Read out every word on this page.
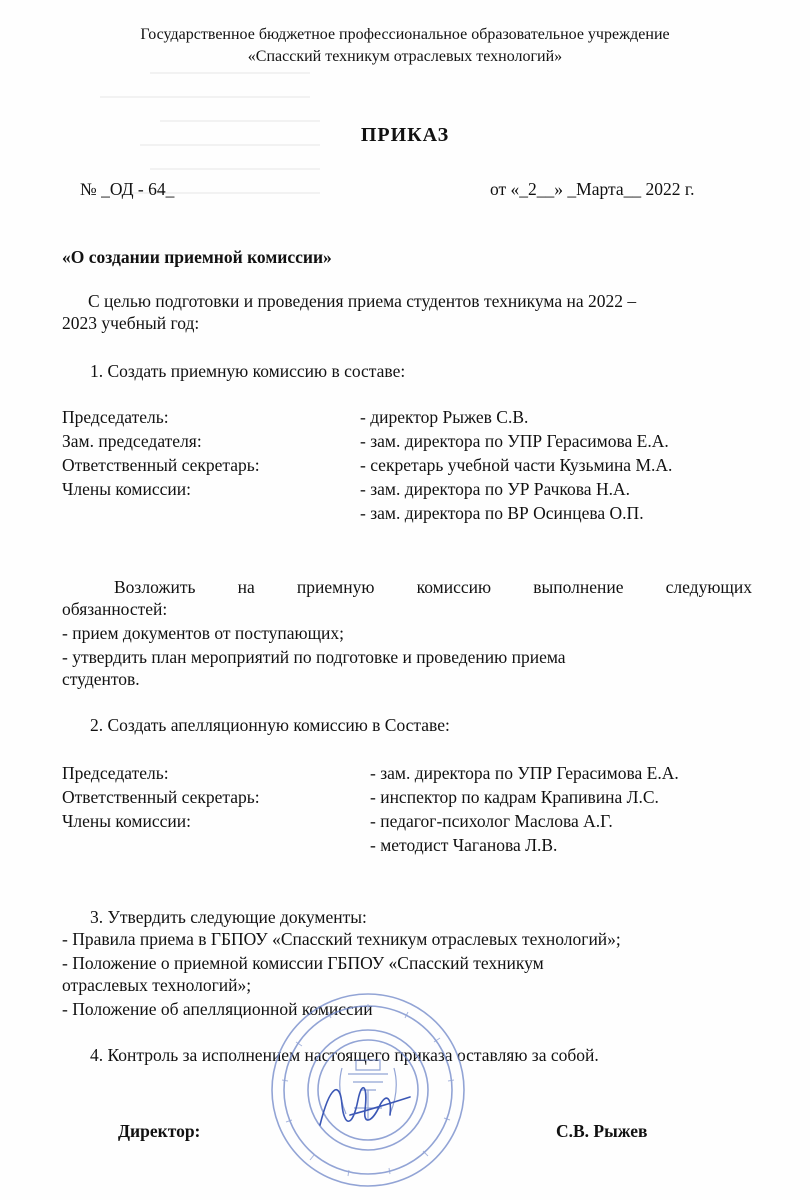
Государственное бюджетное профессиональное образовательное учреждение
«Спасский техникум отраслевых технологий»
ПРИКАЗ
№ _ОД - 64_	от «_2__» _Марта__ 2022 г.
«О создании приемной комиссии»
С целью подготовки и проведения приема студентов техникума на 2022 –
2023 учебный год:
1. Создать приемную комиссию в составе:
Председатель:	- директор Рыжев С.В.
Зам. председателя:	- зам. директора по УПР Герасимова Е.А.
Ответственный секретарь:	- секретарь учебной части Кузьмина М.А.
Члены комиссии:	- зам. директора по УР Рачкова Н.А.
- зам. директора по ВР Осинцева О.П.
Возложить на приемную комиссию выполнение следующих
обязанностей:
- прием документов от поступающих;
- утвердить план мероприятий по подготовке и проведению приема
студентов.
2. Создать апелляционную комиссию в Составе:
Председатель:	- зам. директора по УПР Герасимова Е.А.
Ответственный секретарь:	- инспектор по кадрам Крапивина Л.С.
Члены комиссии:	- педагог-психолог Маслова А.Г.
- методист Чаганова Л.В.
3. Утвердить следующие документы:
- Правила приема в ГБПОУ «Спасский техникум отраслевых технологий»;
- Положение о приемной комиссии ГБПОУ «Спасский техникум
отраслевых технологий»;
- Положение об апелляционной комиссии
4. Контроль за исполнением настоящего приказа оставляю за собой.
Директор:	С.В. Рыжев
